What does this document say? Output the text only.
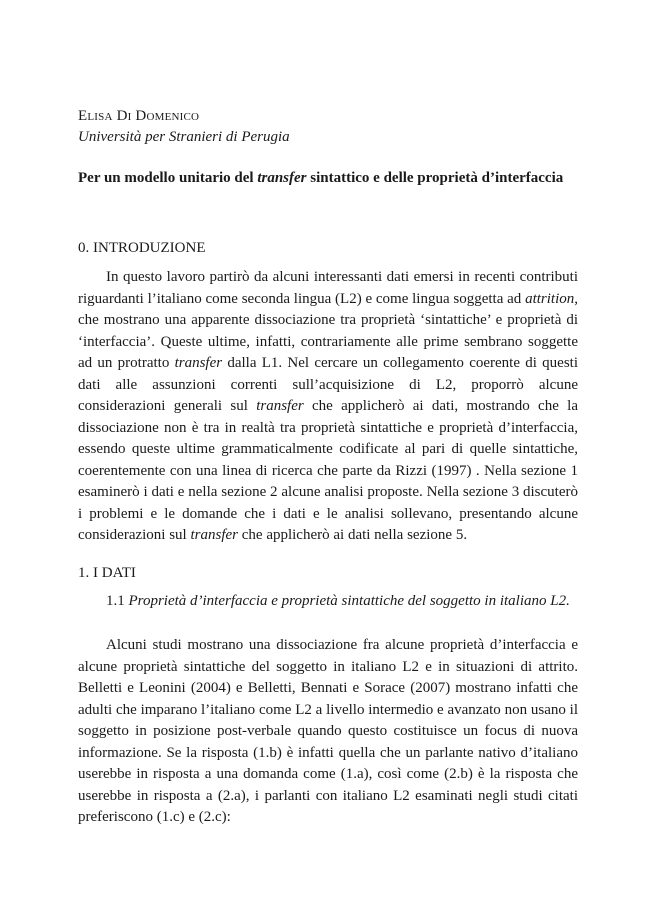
Elisa Di Domenico
Università per Stranieri di Perugia
Per un modello unitario del transfer sintattico e delle proprietà d’interfaccia
0. INTRODUZIONE
In questo lavoro partirò da alcuni interessanti dati emersi in recenti contributi riguardanti l’italiano come seconda lingua (L2) e come lingua soggetta ad attrition, che mostrano una apparente dissociazione tra proprietà ‘sintattiche’ e proprietà di ‘interfaccia’. Queste ultime, infatti, contrariamente alle prime sembrano soggette ad un protratto transfer dalla L1. Nel cercare un collegamento coerente di questi dati alle assunzioni correnti sull’acquisizione di L2, proporrò alcune considerazioni generali sul transfer che applicherò ai dati, mostrando che la dissociazione non è tra in realtà tra proprietà sintattiche e proprietà d’interfaccia, essendo queste ultime grammaticalmente codificate al pari di quelle sintattiche, coerentemente con una linea di ricerca che parte da Rizzi (1997) . Nella sezione 1 esaminerò i dati e nella sezione 2 alcune analisi proposte. Nella sezione 3 discuterò i problemi e le domande che i dati e le analisi sollevano, presentando alcune considerazioni sul transfer che applicherò ai dati nella sezione 5.
1. I DATI
1.1 Proprietà d’interfaccia e proprietà sintattiche del soggetto in italiano L2.
Alcuni studi mostrano una dissociazione fra alcune proprietà d’interfaccia e alcune proprietà sintattiche del soggetto in italiano L2 e in situazioni di attrito. Belletti e Leonini (2004) e Belletti, Bennati e Sorace (2007) mostrano infatti che adulti che imparano l’italiano come L2 a livello intermedio e avanzato non usano il soggetto in posizione post-verbale quando questo costituisce un focus di nuova informazione. Se la risposta (1.b) è infatti quella che un parlante nativo d’italiano userebbe in risposta a una domanda come (1.a), così come (2.b) è la risposta che userebbe in risposta a (2.a), i parlanti con italiano L2 esaminati negli studi citati preferiscono (1.c) e (2.c):
